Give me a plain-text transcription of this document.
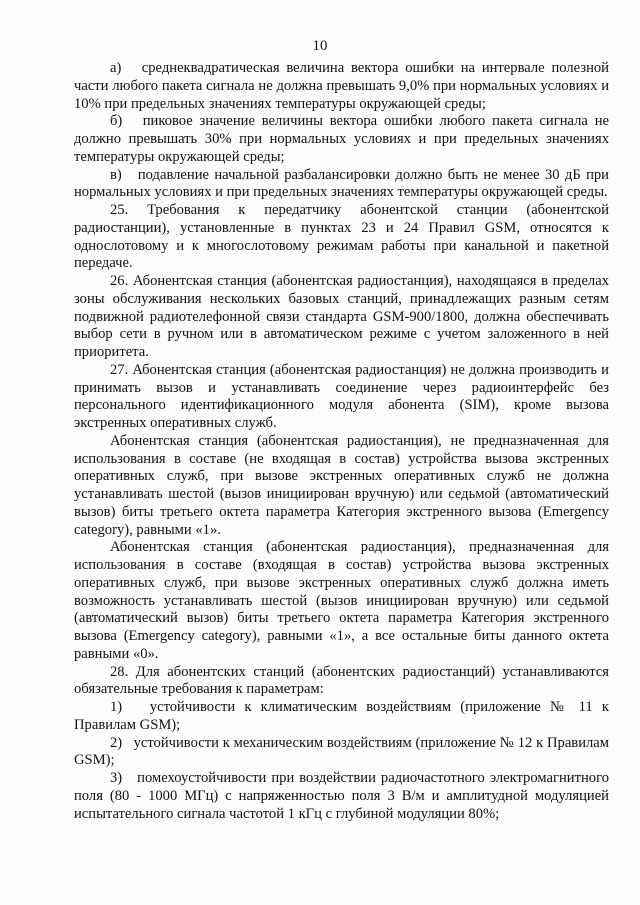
10

а)   среднеквадратическая величина вектора ошибки на интервале полезной части любого пакета сигнала не должна превышать 9,0% при нормальных условиях и 10% при предельных значениях температуры окружающей среды;

б)   пиковое значение величины вектора ошибки любого пакета сигнала не должно превышать 30% при нормальных условиях и при предельных значениях температуры окружающей среды;

в)   подавление начальной разбалансировки должно быть не менее 30 дБ при нормальных условиях и при предельных значениях температуры окружающей среды.

25. Требования к передатчику абонентской станции (абонентской радиостанции), установленные в пунктах 23 и 24 Правил GSM, относятся к однослотовому и к многослотовому режимам работы при канальной и пакетной передаче.

26. Абонентская станция (абонентская радиостанция), находящаяся в пределах зоны обслуживания нескольких базовых станций, принадлежащих разным сетям подвижной радиотелефонной связи стандарта GSM-900/1800, должна обеспечивать выбор сети в ручном или в автоматическом режиме с учетом заложенного в ней приоритета.

27. Абонентская станция (абонентская радиостанция) не должна производить и принимать вызов и устанавливать соединение через радиоинтерфейс без персонального идентификационного модуля абонента (SIM), кроме вызова экстренных оперативных служб.

Абонентская станция (абонентская радиостанция), не предназначенная для использования в составе (не входящая в состав) устройства вызова экстренных оперативных служб, при вызове экстренных оперативных служб не должна устанавливать шестой (вызов инициирован вручную) или седьмой (автоматический вызов) биты третьего октета параметра Категория экстренного вызова (Emergency category), равными «1».

Абонентская станция (абонентская радиостанция), предназначенная для использования в составе (входящая в состав) устройства вызова экстренных оперативных служб, при вызове экстренных оперативных служб должна иметь возможность устанавливать шестой (вызов инициирован вручную) или седьмой (автоматический вызов) биты третьего октета параметра Категория экстренного вызова (Emergency category), равными «1», а все остальные биты данного октета равными «0».

28. Для абонентских станций (абонентских радиостанций) устанавливаются обязательные требования к параметрам:

1)   устойчивости к климатическим воздействиям (приложение № 11 к Правилам GSM);

2)   устойчивости к механическим воздействиям (приложение № 12 к Правилам GSM);

3)   помехоустойчивости при воздействии радиочастотного электромагнитного поля (80 - 1000 МГц) с напряженностью поля 3 В/м и амплитудной модуляцией испытательного сигнала частотой 1 кГц с глубиной модуляции 80%;
